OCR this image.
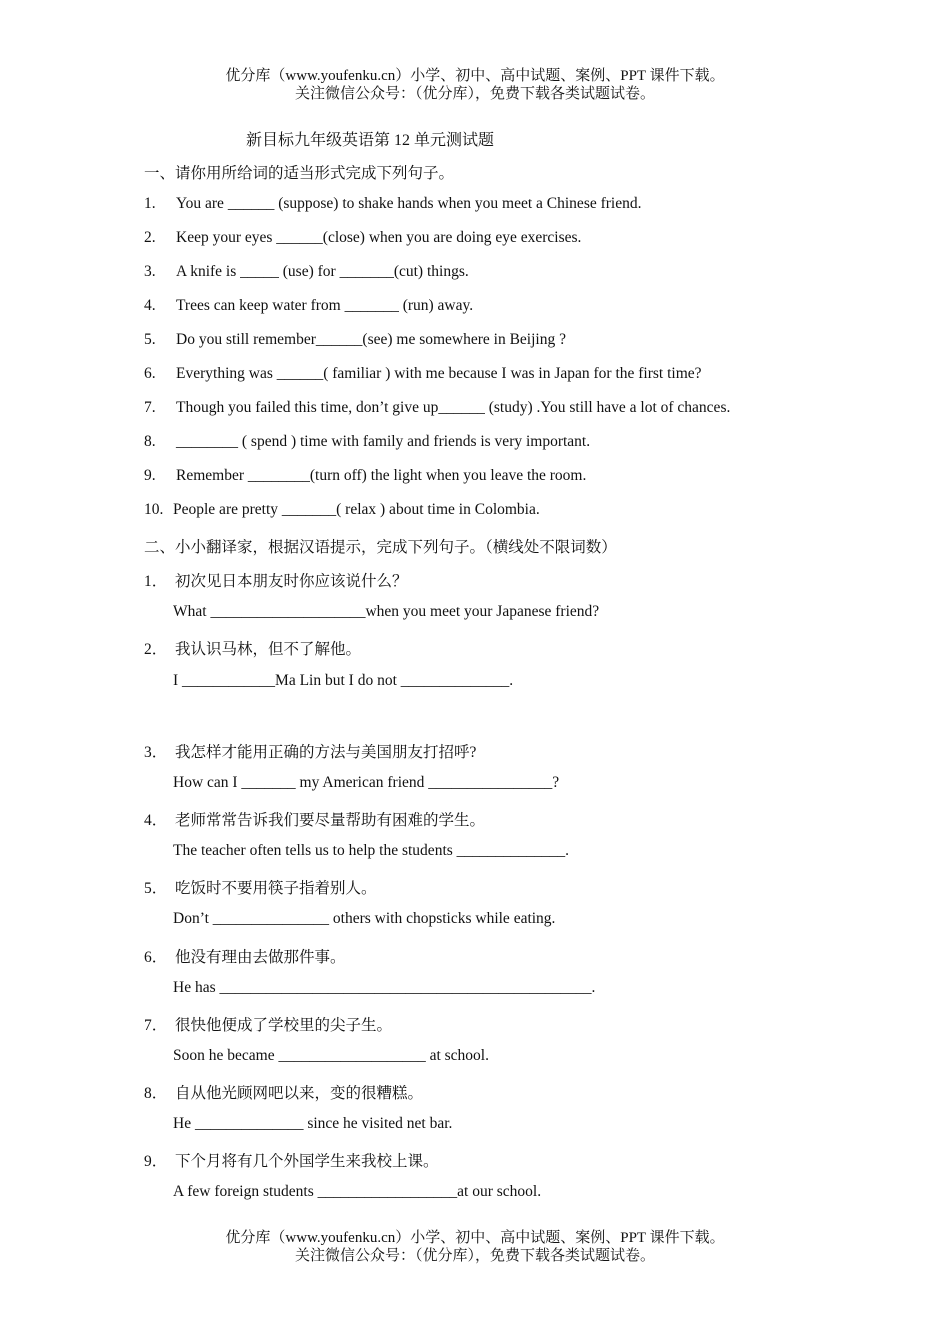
优分库（www.youfenku.cn）小学、初中、高中试题、案例、PPT 课件下载。
关注微信公众号：（优分库），免费下载各类试题试卷。
新目标九年级英语第 12 单元测试题
一、请你用所给词的适当形式完成下列句子。
1. You are ______ (suppose) to shake hands when you meet a Chinese friend.
2. Keep your eyes ______(close) when you are doing eye exercises.
3. A knife is _____ (use) for _______(cut) things.
4. Trees can keep water from _______ (run) away.
5. Do you still remember______(see) me somewhere in Beijing ?
6. Everything was ______( familiar ) with me because I was in Japan for the first time?
7. Though you failed this time, don’t give up______ (study) .You still have a lot of chances.
8. ________ ( spend ) time with family and friends is very important.
9. Remember ________(turn off) the light when you leave the room.
10. People are pretty _______( relax ) about time in Colombia.
二、小小翻译家，根据汉语提示，完成下列句子。（横线处不限词数）
1． 初次见日本朋友时你应该说什么？
What ____________________when you meet your Japanese friend?
2． 我认识马林，但不了解他。
I ____________Ma Lin but I do not ______________.
3． 我怎样才能用正确的方法与美国朋友打招呼?
How can I _______ my American friend ________________?
4． 老师常常告诉我们要尽量帮助有困难的学生。
The teacher often tells us to help the students ______________.
5． 吃饭时不要用筷子指着别人。
Don’t _______________ others with chopsticks while eating.
6． 他没有理由去做那件事。
He has ________________________________________________.
7． 很快他便成了学校里的尖子生。
Soon he became ___________________ at school.
8． 自从他光顾网吧以来，变的很糟糕。
He ______________ since he visited net bar.
9． 下个月将有几个外国学生来我校上课。
A few foreign students __________________at our school.
优分库（www.youfenku.cn）小学、初中、高中试题、案例、PPT 课件下载。
关注微信公众号：（优分库），免费下载各类试题试卷。
